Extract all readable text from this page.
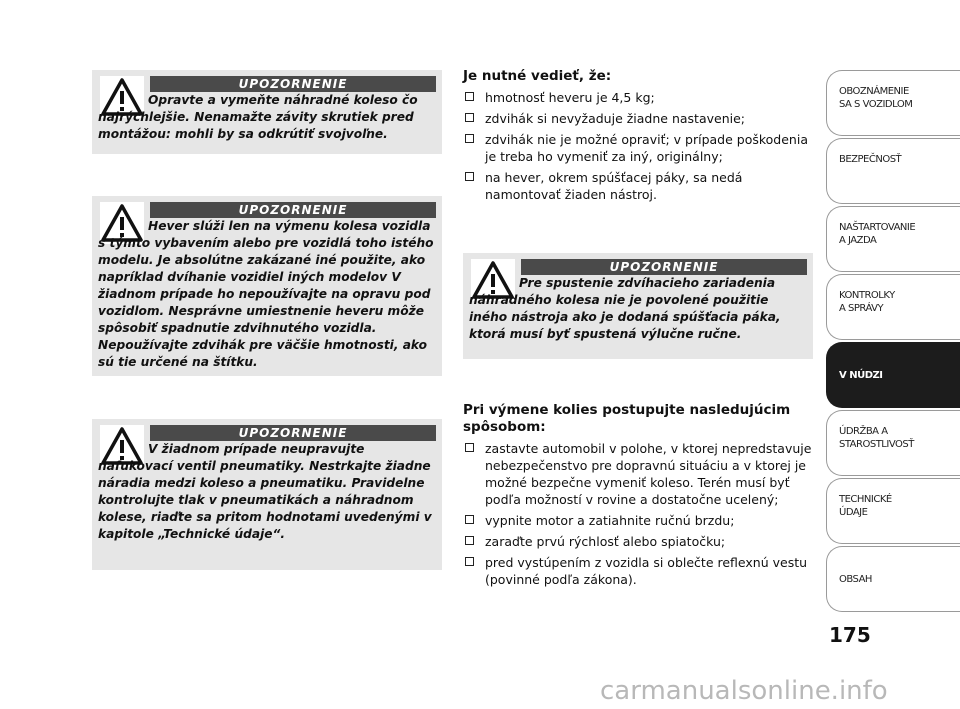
UPOZORNENIE
Opravte a vymeňte náhradné koleso čo najrýchlejšie. Nenamažte závity skrutiek pred montážou: mohli by sa odkrútiť svojvoľne.
UPOZORNENIE
Hever slúži len na výmenu kolesa vozidla s týmto vybavením alebo pre vozidlá toho istého modelu. Je absolútne zakázané iné použite, ako napríklad dvíhanie vozidiel iných modelov V žiadnom prípade ho nepoužívajte na opravu pod vozidlom. Nesprávne umiestnenie heveru môže spôsobiť spadnutie zdvihnutého vozidla. Nepoužívajte zdvihák pre väčšie hmotnosti, ako sú tie určené na štítku.
UPOZORNENIE
V žiadnom prípade neupravujte nafukovací ventil pneumatiky. Nestrkajte žiadne náradia medzi koleso a pneumatiku. Pravidelne kontrolujte tlak v pneumatikách a náhradnom kolese, riaďte sa pritom hodnotami uvedenými v kapitole „Technické údaje“.
Je nutné vedieť, že:
hmotnosť heveru je 4,5 kg;
zdvihák si nevyžaduje žiadne nastavenie;
zdvihák nie je možné opraviť; v prípade poškodenia je treba ho vymeniť za iný, originálny;
na hever, okrem spúšťacej páky, sa nedá namontovať žiaden nástroj.
UPOZORNENIE
Pre spustenie zdvíhacieho zariadenia náhradného kolesa nie je povolené použitie iného nástroja ako je dodaná spúšťacia páka, ktorá musí byť spustená výlučne ručne.
Pri výmene kolies postupujte nasledujúcim spôsobom:
zastavte automobil v polohe, v ktorej nepredstavuje nebezpečenstvo pre dopravnú situáciu a v ktorej je možné bezpečne vymeniť koleso. Terén musí byť podľa možností v rovine a dostatočne ucelený;
vypnite motor a zatiahnite ručnú brzdu;
zaraďte prvú rýchlosť alebo spiatočku;
pred vystúpením z vozidla si oblečte reflexnú vestu (povinné podľa zákona).
OBOZNÁMENIE
SA S VOZIDLOM
BEZPEČNOSŤ
NAŠTARTOVANIE
A JAZDA
KONTROLKY
A SPRÁVY
V NÚDZI
ÚDRŽBA A
STAROSTLIVOSŤ
TECHNICKÉ
ÚDAJE
OBSAH
175
carmanualsonline.info
